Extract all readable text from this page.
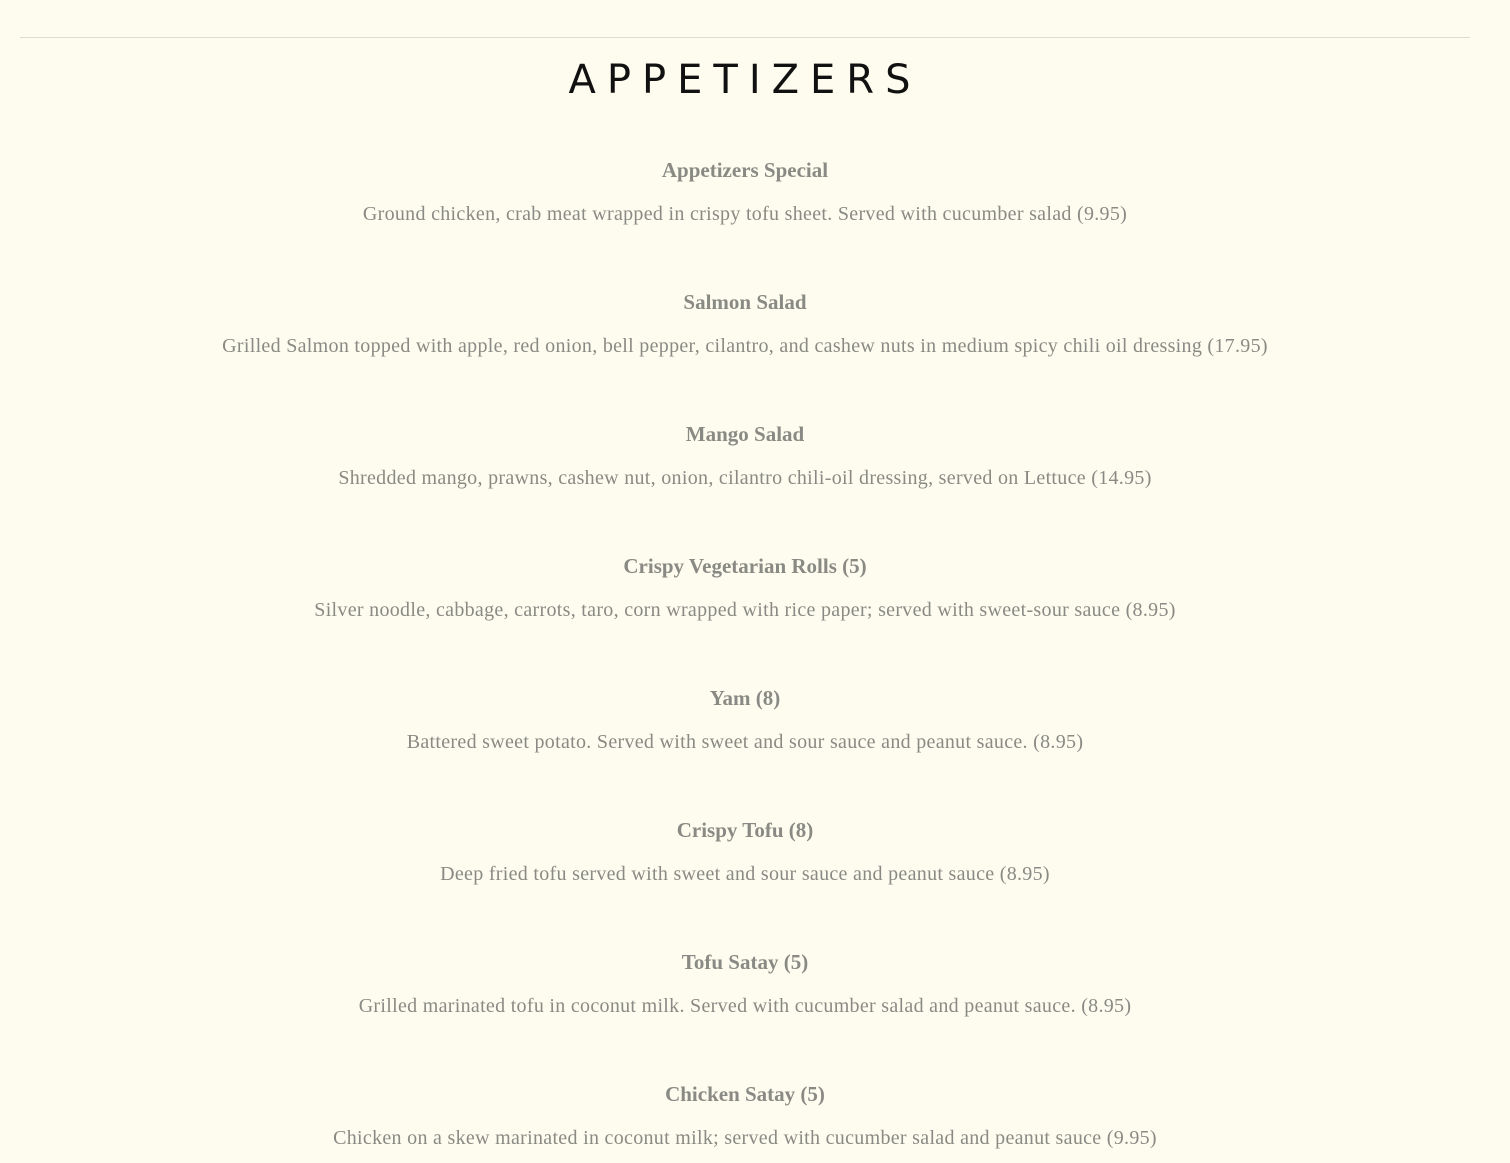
APPETIZERS
Appetizers Special
Ground chicken, crab meat wrapped in crispy tofu sheet. Served with cucumber salad (9.95)
Salmon Salad
Grilled Salmon topped with apple, red onion, bell pepper, cilantro, and cashew nuts in medium spicy chili oil dressing (17.95)
Mango Salad
Shredded mango, prawns, cashew nut, onion, cilantro chili-oil dressing, served on Lettuce (14.95)
Crispy Vegetarian Rolls (5)
Silver noodle, cabbage, carrots, taro, corn wrapped with rice paper; served with sweet-sour sauce (8.95)
Yam (8)
Battered sweet potato. Served with sweet and sour sauce and peanut sauce. (8.95)
Crispy Tofu (8)
Deep fried tofu served with sweet and sour sauce and peanut sauce (8.95)
Tofu Satay (5)
Grilled marinated tofu in coconut milk. Served with cucumber salad and peanut sauce. (8.95)
Chicken Satay (5)
Chicken on a skew marinated in coconut milk; served with cucumber salad and peanut sauce (9.95)
